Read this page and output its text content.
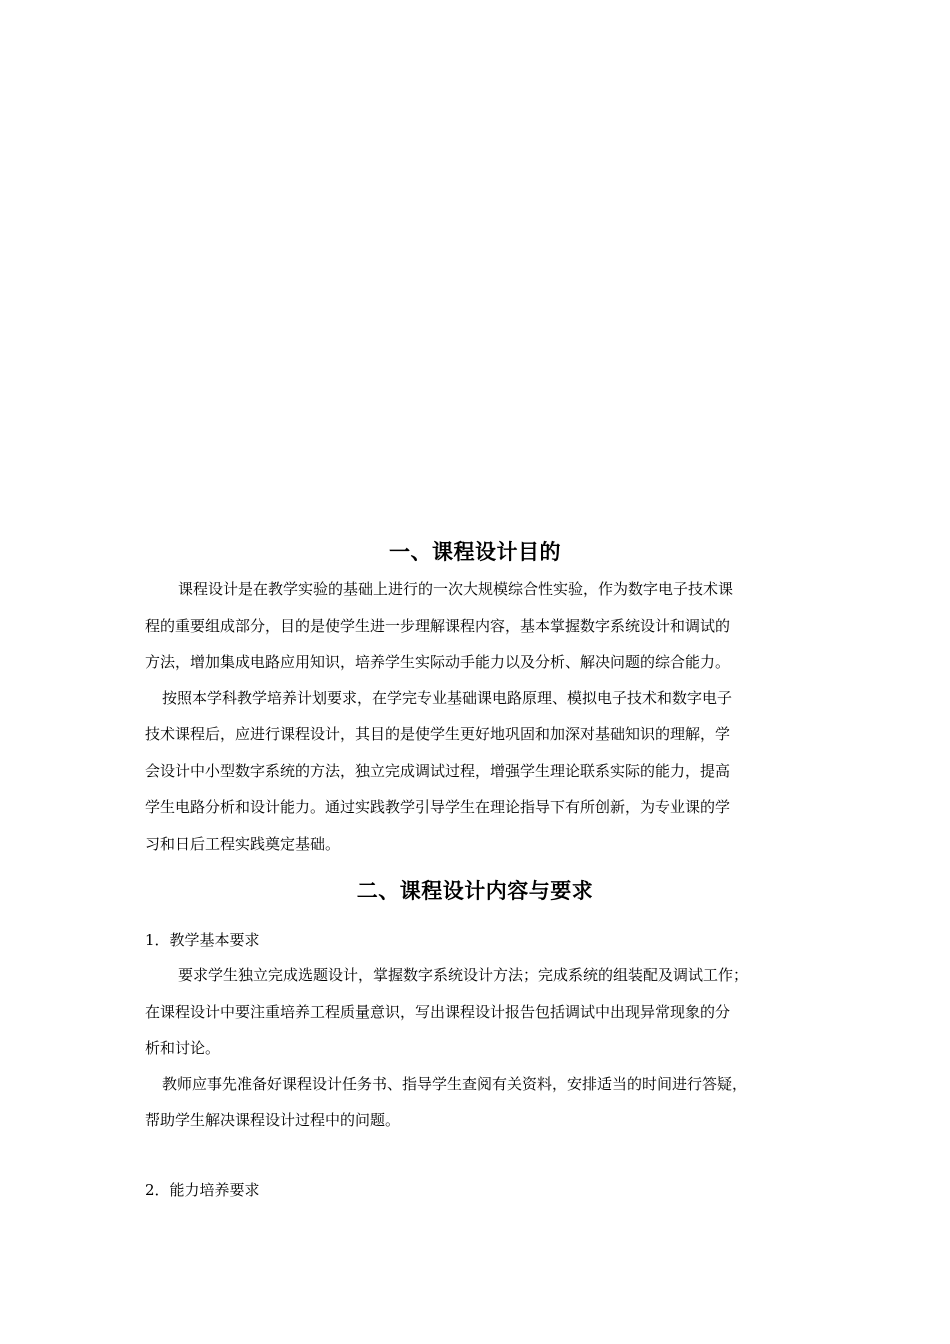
一、课程设计目的
课程设计是在教学实验的基础上进行的一次大规模综合性实验，作为数字电子技术课
程的重要组成部分，目的是使学生进一步理解课程内容，基本掌握数字系统设计和调试的
方法，增加集成电路应用知识，培养学生实际动手能力以及分析、解决问题的综合能力。
按照本学科教学培养计划要求，在学完专业基础课电路原理、模拟电子技术和数字电子
技术课程后，应进行课程设计，其目的是使学生更好地巩固和加深对基础知识的理解，学
会设计中小型数字系统的方法，独立完成调试过程，增强学生理论联系实际的能力，提高
学生电路分析和设计能力。通过实践教学引导学生在理论指导下有所创新，为专业课的学
习和日后工程实践奠定基础。
二、课程设计内容与要求
1．教学基本要求
要求学生独立完成选题设计，掌握数字系统设计方法；完成系统的组装配及调试工作；
在课程设计中要注重培养工程质量意识，写出课程设计报告包括调试中出现异常现象的分
析和讨论。
教师应事先准备好课程设计任务书、指导学生查阅有关资料，安排适当的时间进行答疑，
帮助学生解决课程设计过程中的问题。
2．能力培养要求
